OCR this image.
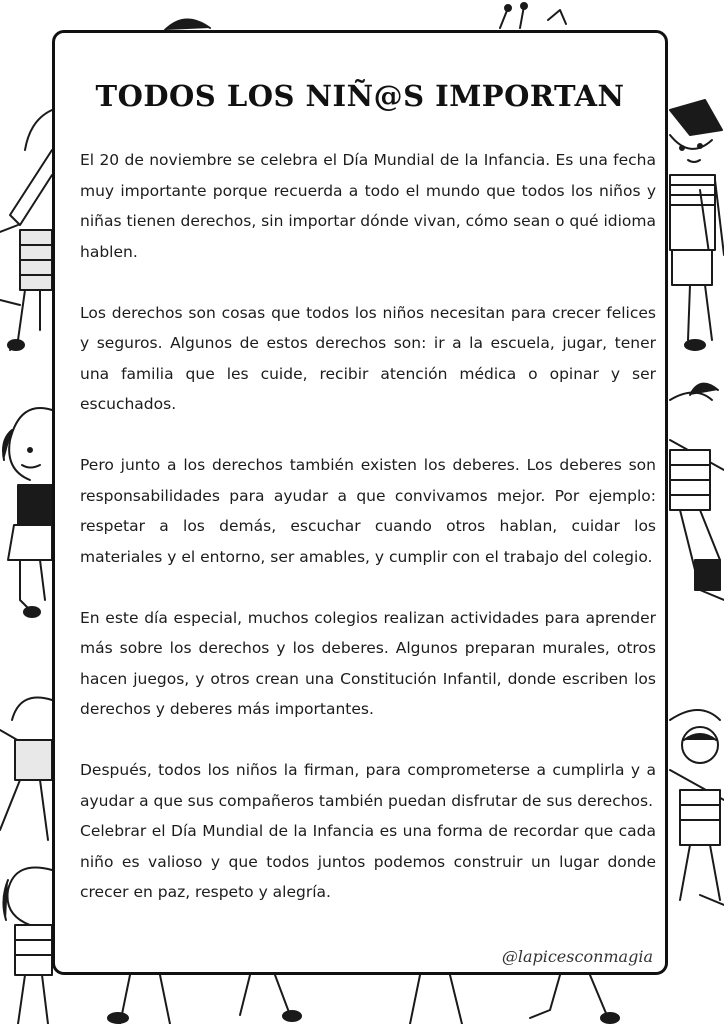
TODOS LOS NIÑ@S IMPORTAN

El 20 de noviembre se celebra el Día Mundial de la Infancia. Es una fecha muy importante porque recuerda a todo el mundo que todos los niños y niñas tienen derechos, sin importar dónde vivan, cómo sean o qué idioma hablen.

Los derechos son cosas que todos los niños necesitan para crecer felices y seguros. Algunos de estos derechos son: ir a la escuela, jugar, tener una familia que les cuide, recibir atención médica o opinar y ser escuchados.

Pero junto a los derechos también existen los deberes. Los deberes son responsabilidades para ayudar a que convivamos mejor. Por ejemplo: respetar a los demás, escuchar cuando otros hablan, cuidar los materiales y el entorno, ser amables, y cumplir con el trabajo del colegio.

En este día especial, muchos colegios realizan actividades para aprender más sobre los derechos y los deberes. Algunos preparan murales, otros hacen juegos, y otros crean una Constitución Infantil, donde escriben los derechos y deberes más importantes.

Después, todos los niños la firman, para comprometerse a cumplirla y a ayudar a que sus compañeros también puedan disfrutar de sus derechos.

Celebrar el Día Mundial de la Infancia es una forma de recordar que cada niño es valioso y que todos juntos podemos construir un lugar donde crecer en paz, respeto y alegría.

@lapicesconmagia
